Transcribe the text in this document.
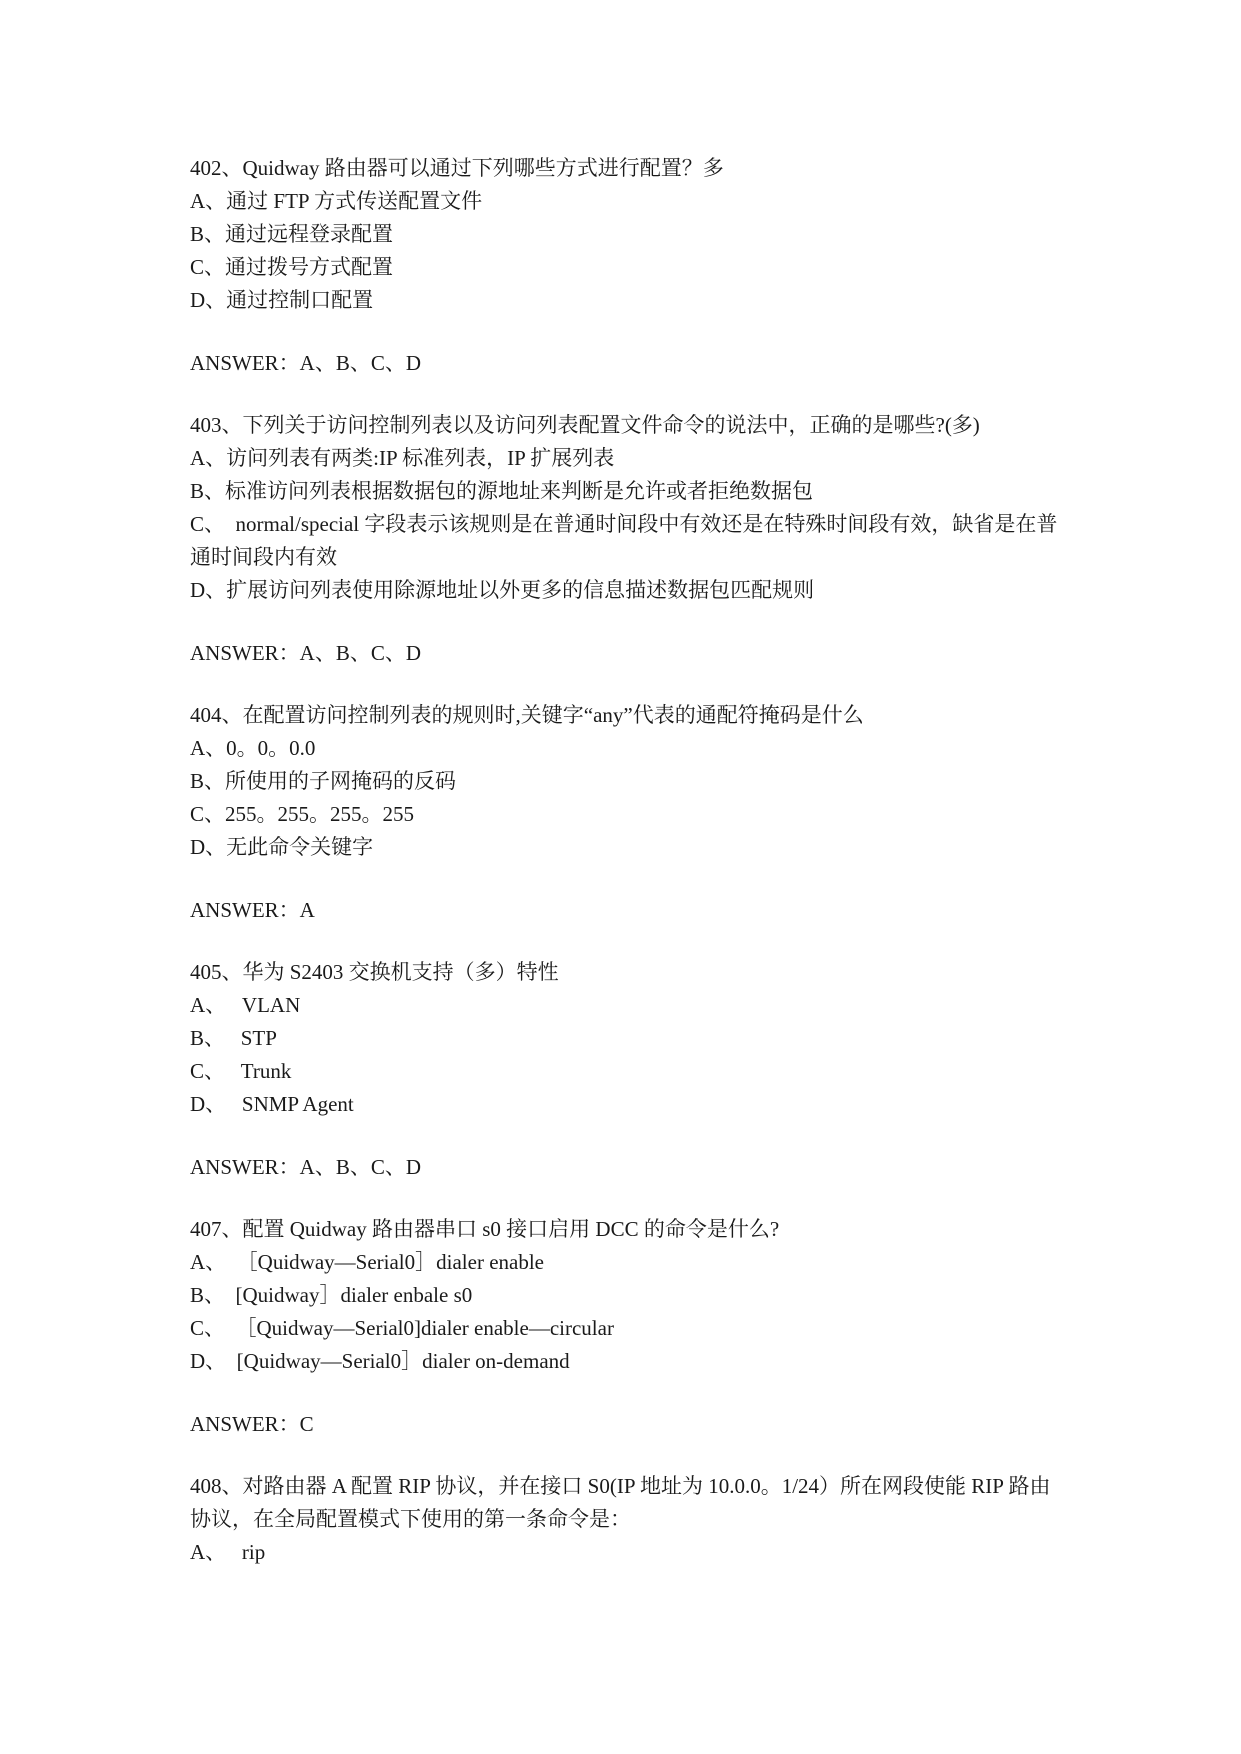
402、Quidway 路由器可以通过下列哪些方式进行配置？多
A、通过 FTP 方式传送配置文件
B、通过远程登录配置
C、通过拨号方式配置
D、通过控制口配置
ANSWER：A、B、C、D
403、下列关于访问控制列表以及访问列表配置文件命令的说法中，正确的是哪些?(多)
A、访问列表有两类:IP 标准列表，IP 扩展列表
B、标准访问列表根据数据包的源地址来判断是允许或者拒绝数据包
C、  normal/special 字段表示该规则是在普通时间段中有效还是在特殊时间段有效，缺省是在普通时间段内有效
D、扩展访问列表使用除源地址以外更多的信息描述数据包匹配规则
ANSWER：A、B、C、D
404、在配置访问控制列表的规则时,关键字“any”代表的通配符掩码是什么
A、0。0。0.0
B、所使用的子网掩码的反码
C、255。255。255。255
D、无此命令关键字
ANSWER：A
405、华为 S2403 交换机支持（多）特性
A、   VLAN
B、   STP
C、   Trunk
D、   SNMP Agent
ANSWER：A、B、C、D
407、配置 Quidway 路由器串口 s0 接口启用 DCC 的命令是什么?
A、  ［Quidway—Serial0］dialer enable
B、  [Quidway］dialer enbale s0
C、  ［Quidway—Serial0]dialer enable—circular
D、  [Quidway—Serial0］dialer on-demand
ANSWER：C
408、对路由器 A 配置 RIP 协议，并在接口 S0(IP 地址为 10.0.0。1/24）所在网段使能 RIP 路由协议，在全局配置模式下使用的第一条命令是：
A、   rip
